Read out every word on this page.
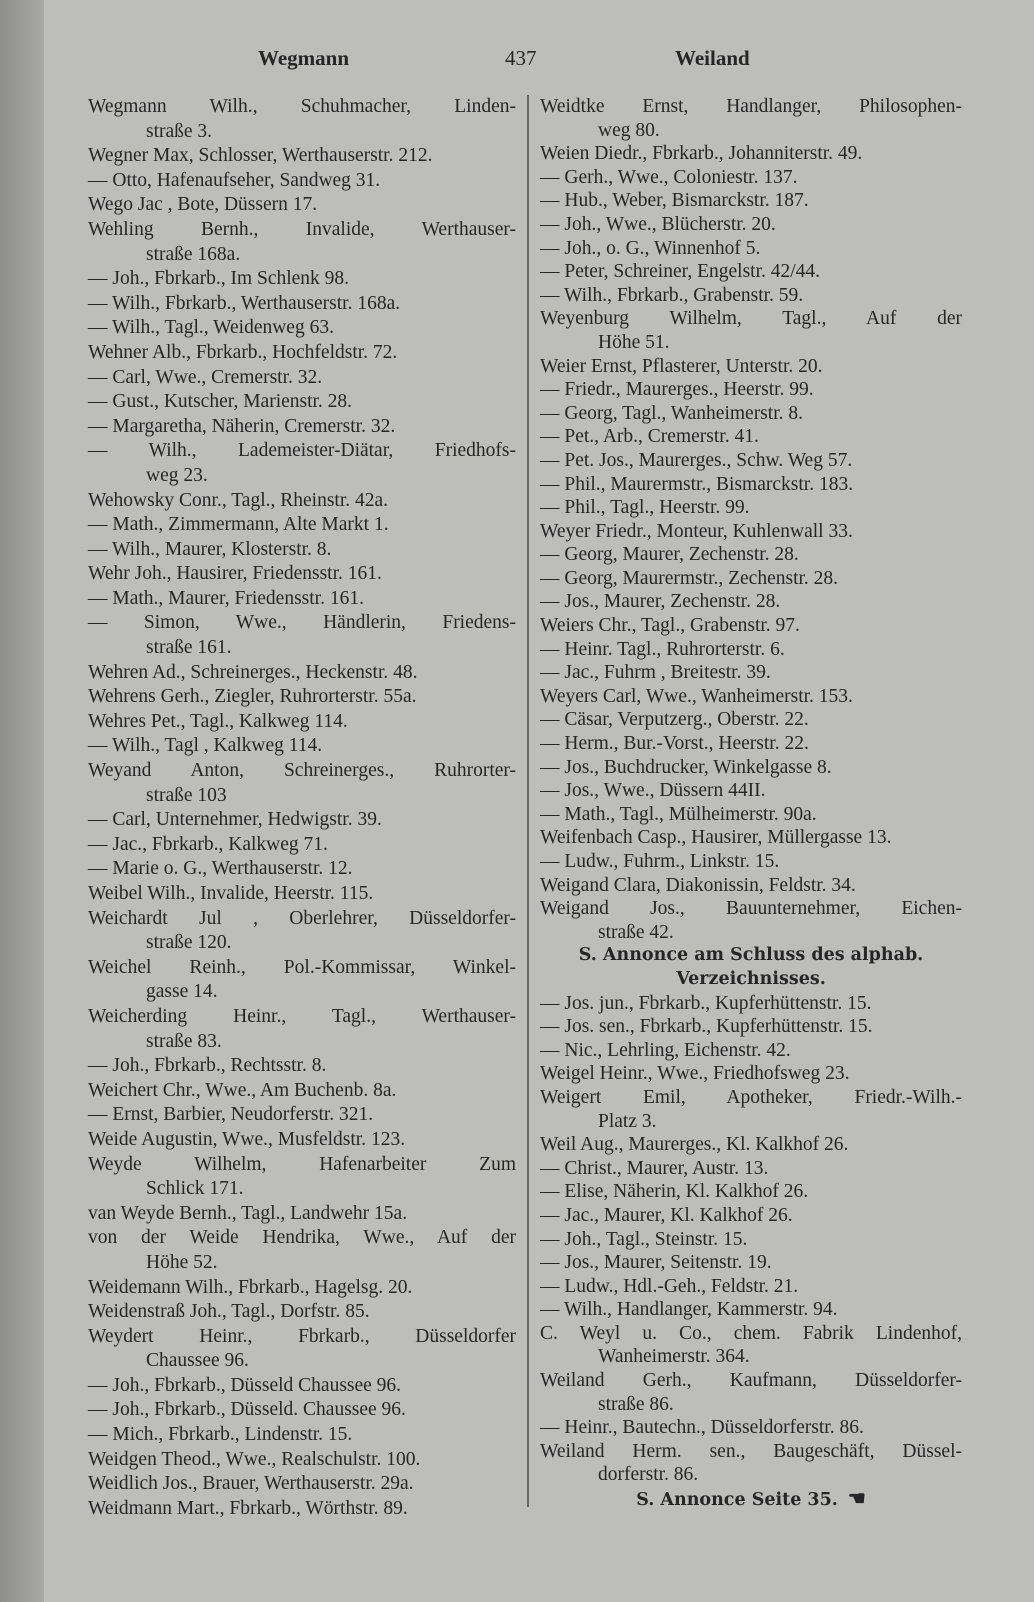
Wegmann	437	Weiland
Wegmann Wilh., Schuhmacher, Linden-
straße 3.
Wegner Max, Schlosser, Werthauserstr. 212.
— Otto, Hafenaufseher, Sandweg 31.
Wego Jac , Bote, Düssern 17.
Wehling Bernh., Invalide, Werthauser-
straße 168a.
— Joh., Fbrkarb., Im Schlenk 98.
— Wilh., Fbrkarb., Werthauserstr. 168a.
— Wilh., Tagl., Weidenweg 63.
Wehner Alb., Fbrkarb., Hochfeldstr. 72.
— Carl, Wwe., Cremerstr. 32.
— Gust., Kutscher, Marienstr. 28.
— Margaretha, Näherin, Cremerstr. 32.
— Wilh., Lademeister-Diätar, Friedhofs-
weg 23.
Wehowsky Conr., Tagl., Rheinstr. 42a.
— Math., Zimmermann, Alte Markt 1.
— Wilh., Maurer, Klosterstr. 8.
Wehr Joh., Hausirer, Friedensstr. 161.
— Math., Maurer, Friedensstr. 161.
— Simon, Wwe., Händlerin, Friedens-
straße 161.
Wehren Ad., Schreinerges., Heckenstr. 48.
Wehrens Gerh., Ziegler, Ruhrorterstr. 55a.
Wehres Pet., Tagl., Kalkweg 114.
— Wilh., Tagl , Kalkweg 114.
Weyand Anton, Schreinerges., Ruhrorter-
straße 103
— Carl, Unternehmer, Hedwigstr. 39.
— Jac., Fbrkarb., Kalkweg 71.
— Marie o. G., Werthauserstr. 12.
Weibel Wilh., Invalide, Heerstr. 115.
Weichardt Jul , Oberlehrer, Düsseldorfer-
straße 120.
Weichel Reinh., Pol.-Kommissar, Winkel-
gasse 14.
Weicherding Heinr., Tagl., Werthauser-
straße 83.
— Joh., Fbrkarb., Rechtsstr. 8.
Weichert Chr., Wwe., Am Buchenb. 8a.
— Ernst, Barbier, Neudorferstr. 321.
Weide Augustin, Wwe., Musfeldstr. 123.
Weyde Wilhelm, Hafenarbeiter Zum
Schlick 171.
van Weyde Bernh., Tagl., Landwehr 15a.
von der Weide Hendrika, Wwe., Auf der
Höhe 52.
Weidemann Wilh., Fbrkarb., Hagelsg. 20.
Weidenstraß Joh., Tagl., Dorfstr. 85.
Weydert Heinr., Fbrkarb., Düsseldorfer
Chaussee 96.
— Joh., Fbrkarb., Düsseld Chaussee 96.
— Joh., Fbrkarb., Düsseld. Chaussee 96.
— Mich., Fbrkarb., Lindenstr. 15.
Weidgen Theod., Wwe., Realschulstr. 100.
Weidlich Jos., Brauer, Werthauserstr. 29a.
Weidmann Mart., Fbrkarb., Wörthstr. 89.
Weidtke Ernst, Handlanger, Philosophen-
weg 80.
Weien Diedr., Fbrkarb., Johanniterstr. 49.
— Gerh., Wwe., Coloniestr. 137.
— Hub., Weber, Bismarckstr. 187.
— Joh., Wwe., Blücherstr. 20.
— Joh., o. G., Winnenhof 5.
— Peter, Schreiner, Engelstr. 42/44.
— Wilh., Fbrkarb., Grabenstr. 59.
Weyenburg Wilhelm, Tagl., Auf der
Höhe 51.
Weier Ernst, Pflasterer, Unterstr. 20.
— Friedr., Maurerges., Heerstr. 99.
— Georg, Tagl., Wanheimerstr. 8.
— Pet., Arb., Cremerstr. 41.
— Pet. Jos., Maurerges., Schw. Weg 57.
— Phil., Maurermstr., Bismarckstr. 183.
— Phil., Tagl., Heerstr. 99.
Weyer Friedr., Monteur, Kuhlenwall 33.
— Georg, Maurer, Zechenstr. 28.
— Georg, Maurermstr., Zechenstr. 28.
— Jos., Maurer, Zechenstr. 28.
Weiers Chr., Tagl., Grabenstr. 97.
— Heinr. Tagl., Ruhrorterstr. 6.
— Jac., Fuhrm , Breitestr. 39.
Weyers Carl, Wwe., Wanheimerstr. 153.
— Cäsar, Verputzerg., Oberstr. 22.
— Herm., Bur.-Vorst., Heerstr. 22.
— Jos., Buchdrucker, Winkelgasse 8.
— Jos., Wwe., Düssern 44II.
— Math., Tagl., Mülheimerstr. 90a.
Weifenbach Casp., Hausirer, Müllergasse 13.
— Ludw., Fuhrm., Linkstr. 15.
Weigand Clara, Diakonissin, Feldstr. 34.
Weigand Jos., Bauunternehmer, Eichen-
straße 42.
S. Annonce am Schluss des alphab.
Verzeichnisses.
— Jos. jun., Fbrkarb., Kupferhüttenstr. 15.
— Jos. sen., Fbrkarb., Kupferhüttenstr. 15.
— Nic., Lehrling, Eichenstr. 42.
Weigel Heinr., Wwe., Friedhofsweg 23.
Weigert Emil, Apotheker, Friedr.-Wilh.-
Platz 3.
Weil Aug., Maurerges., Kl. Kalkhof 26.
— Christ., Maurer, Austr. 13.
— Elise, Näherin, Kl. Kalkhof 26.
— Jac., Maurer, Kl. Kalkhof 26.
— Joh., Tagl., Steinstr. 15.
— Jos., Maurer, Seitenstr. 19.
— Ludw., Hdl.-Geh., Feldstr. 21.
— Wilh., Handlanger, Kammerstr. 94.
C. Weyl u. Co., chem. Fabrik Lindenhof,
Wanheimerstr. 364.
Weiland Gerh., Kaufmann, Düsseldorfer-
straße 86.
— Heinr., Bautechn., Düsseldorferstr. 86.
Weiland Herm. sen., Baugeschäft, Düssel-
dorferstr. 86.
S. Annonce Seite 35. ☚
